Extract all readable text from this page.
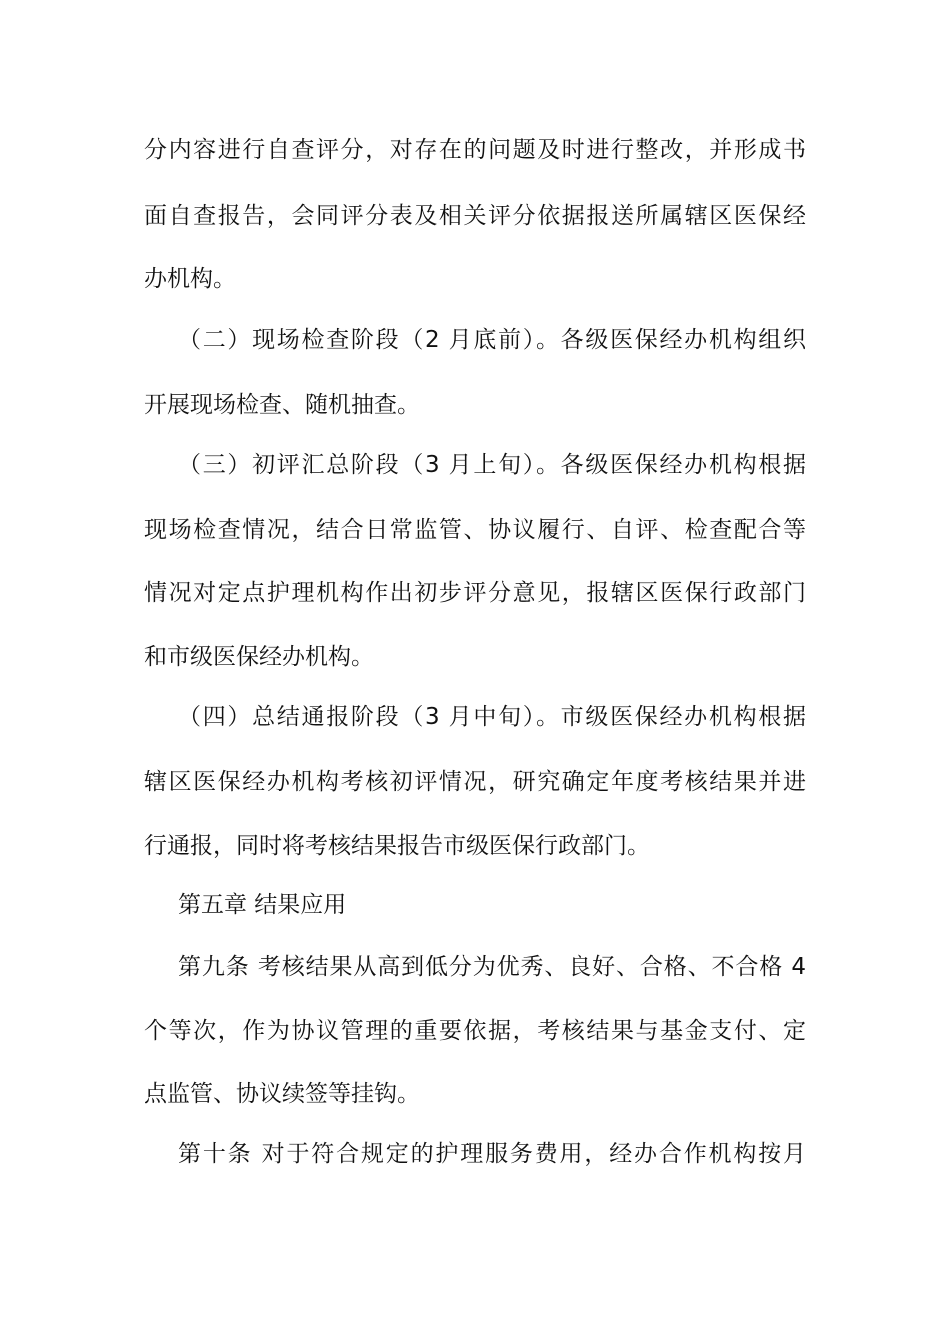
分内容进行自查评分，对存在的问题及时进行整改，并形成书
面自查报告，会同评分表及相关评分依据报送所属辖区医保经
办机构。
（二）现场检查阶段（2 月底前）。各级医保经办机构组织
开展现场检查、随机抽查。
（三）初评汇总阶段（3 月上旬）。各级医保经办机构根据
现场检查情况，结合日常监管、协议履行、自评、检查配合等
情况对定点护理机构作出初步评分意见，报辖区医保行政部门
和市级医保经办机构。
（四）总结通报阶段（3 月中旬）。市级医保经办机构根据
辖区医保经办机构考核初评情况，研究确定年度考核结果并进
行通报，同时将考核结果报告市级医保行政部门。
第五章 结果应用
第九条 考核结果从高到低分为优秀、良好、合格、不合格 4
个等次，作为协议管理的重要依据，考核结果与基金支付、定
点监管、协议续签等挂钩。
第十条 对于符合规定的护理服务费用，经办合作机构按月
